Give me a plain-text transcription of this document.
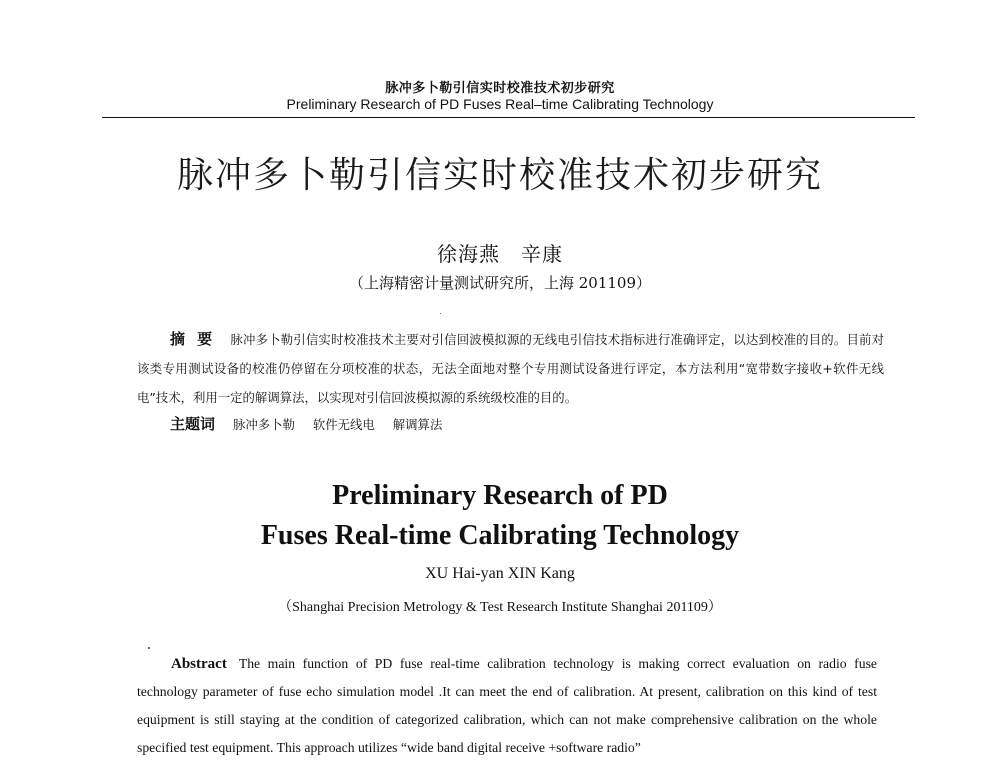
脉冲多卜勒引信实时校准技术初步研究
Preliminary Research of PD Fuses Real–time Calibrating Technology
脉冲多卜勒引信实时校准技术初步研究
徐海燕　辛康
（上海精密计量测试研究所，上海 201109）
摘要 脉冲多卜勒引信实时校准技术主要对引信回波模拟源的无线电引信技术指标进行准确评定，以达到校准的目的。目前对该类专用测试设备的校准仍停留在分项校准的状态，无法全面地对整个专用测试设备进行评定，本方法利用“宽带数字接收+软件无线电”技术，利用一定的解调算法，以实现对引信回波模拟源的系统级校准的目的。
主题词 脉冲多卜勒 软件无线电 解调算法
Preliminary Research of PD
Fuses Real-time Calibrating Technology
XU Hai-yan XIN Kang
（Shanghai Precision Metrology & Test Research Institute Shanghai 201109）
Abstract The main function of PD fuse real-time calibration technology is making correct evaluation on radio fuse technology parameter of fuse echo simulation model .It can meet the end of calibration. At present, calibration on this kind of test equipment is still staying at the condition of categorized calibration, which can not make comprehensive calibration on the whole specified test equipment. This approach utilizes “wide band digital receive +software radio”
